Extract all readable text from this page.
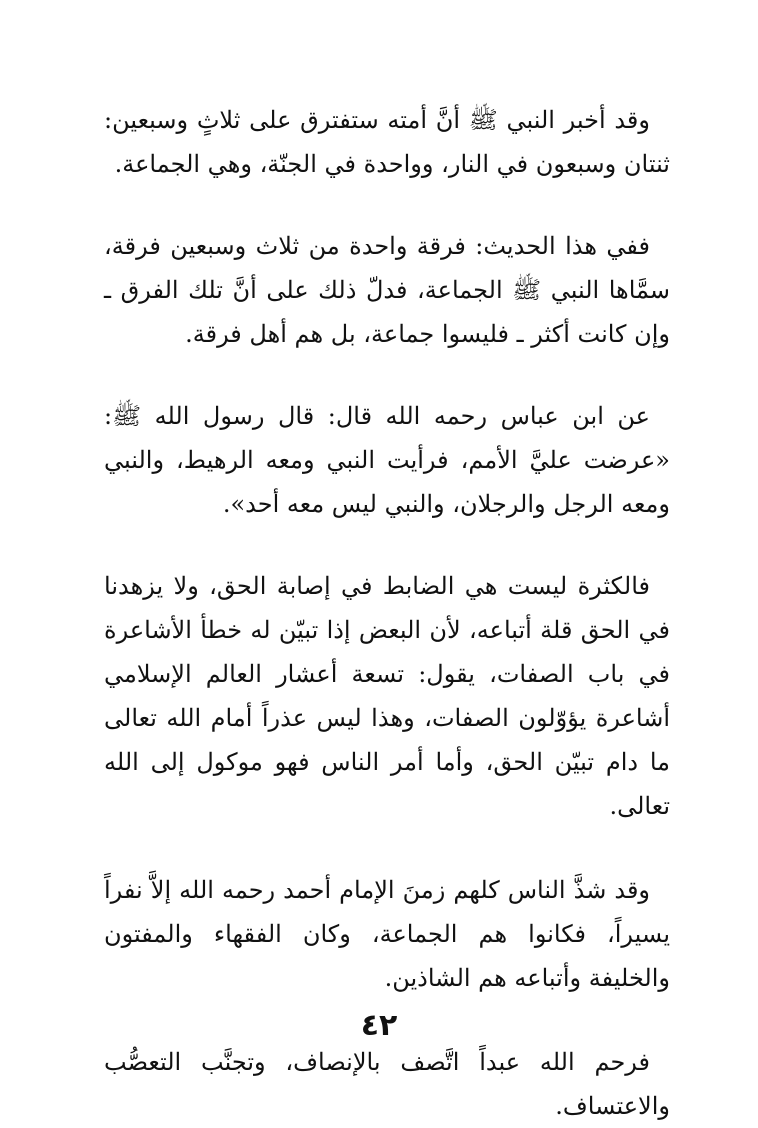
وقد أخبر النبي ﷺ أنَّ أمته ستفترق على ثلاثٍ وسبعين: ثنتان وسبعون في النار، وواحدة في الجنّة، وهي الجماعة.

ففي هذا الحديث: فرقة واحدة من ثلاث وسبعين فرقة، سمَّاها النبي ﷺ الجماعة، فدلّ ذلك على أنَّ تلك الفرق ـ وإن كانت أكثر ـ فليسوا جماعة، بل هم أهل فرقة.

عن ابن عباس رحمه الله قال: قال رسول الله ﷺ: «عرضت عليَّ الأمم، فرأيت النبي ومعه الرهيط، والنبي ومعه الرجل والرجلان، والنبي ليس معه أحد».

فالكثرة ليست هي الضابط في إصابة الحق، ولا يزهدنا في الحق قلة أتباعه، لأن البعض إذا تبيّن له خطأ الأشاعرة في باب الصفات، يقول: تسعة أعشار العالم الإسلامي أشاعرة يؤوّلون الصفات، وهذا ليس عذراً أمام الله تعالى ما دام تبيّن الحق، وأما أمر الناس فهو موكول إلى الله تعالى.

وقد شذَّ الناس كلهم زمنَ الإمام أحمد رحمه الله إلاَّ نفراً يسيراً، فكانوا هم الجماعة، وكان الفقهاء والمفتون والخليفة وأتباعه هم الشاذين.

فرحم الله عبداً اتَّصف بالإنصاف، وتجنَّب التعصُّب والاعتساف.

٤٢
